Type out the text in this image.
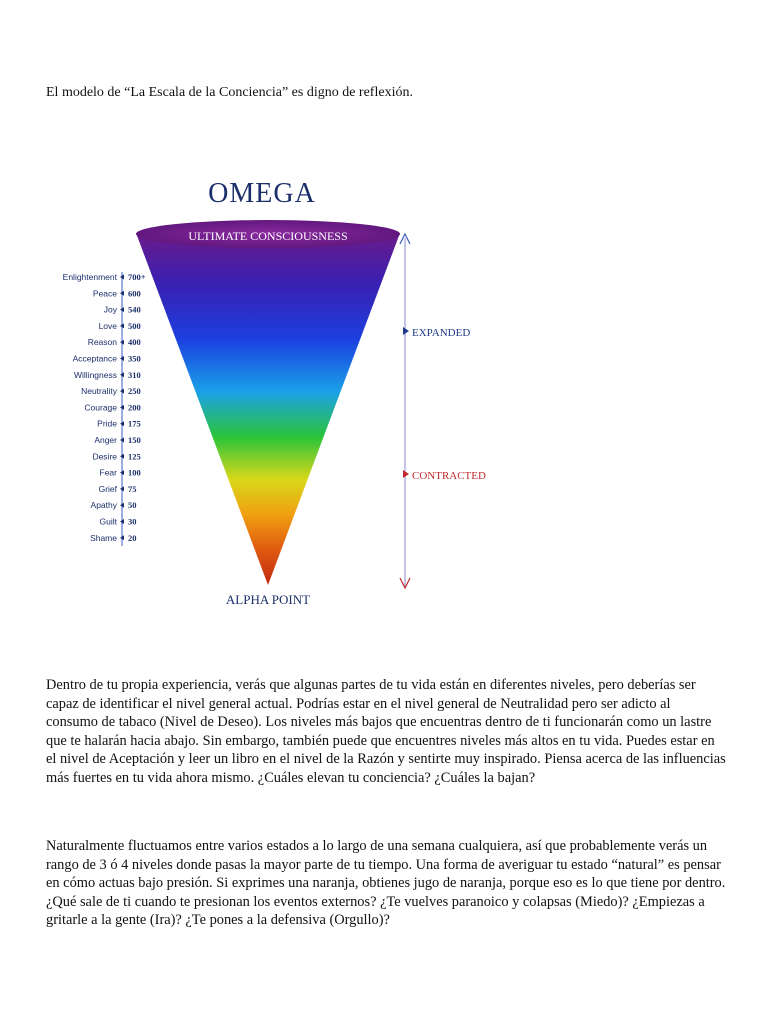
El modelo de “La Escala de la Conciencia” es digno de reflexión.

OMEGA
ULTIMATE CONSCIOUSNESS
ALPHA POINT
EXPANDED
CONTRACTED
Enlightenment 700+
Peace 600
Joy 540
Love 500
Reason 400
Acceptance 350
Willingness 310
Neutrality 250
Courage 200
Pride 175
Anger 150
Desire 125
Fear 100
Grief 75
Apathy 50
Guilt 30
Shame 20

Dentro de tu propia experiencia, verás que algunas partes de tu vida están en diferentes niveles, pero deberías ser capaz de identificar el nivel general actual. Podrías estar en el nivel general de Neutralidad pero ser adicto al consumo de tabaco (Nivel de Deseo). Los niveles más bajos que encuentras dentro de ti funcionarán como un lastre que te halarán hacia abajo. Sin embargo, también puede que encuentres niveles más altos en tu vida. Puedes estar en el nivel de Aceptación y leer un libro en el nivel de la Razón y sentirte muy inspirado. Piensa acerca de las influencias más fuertes en tu vida ahora mismo. ¿Cuáles elevan tu conciencia? ¿Cuáles la bajan?

Naturalmente fluctuamos entre varios estados a lo largo de una semana cualquiera, así que probablemente verás un rango de 3 ó 4 niveles donde pasas la mayor parte de tu tiempo. Una forma de averiguar tu estado “natural” es pensar en cómo actuas bajo presión. Si exprimes una naranja, obtienes jugo de naranja, porque eso es lo que tiene por dentro. ¿Qué sale de ti cuando te presionan los eventos externos? ¿Te vuelves paranoico y colapsas (Miedo)? ¿Empiezas a gritarle a la gente (Ira)? ¿Te pones a la defensiva (Orgullo)?
